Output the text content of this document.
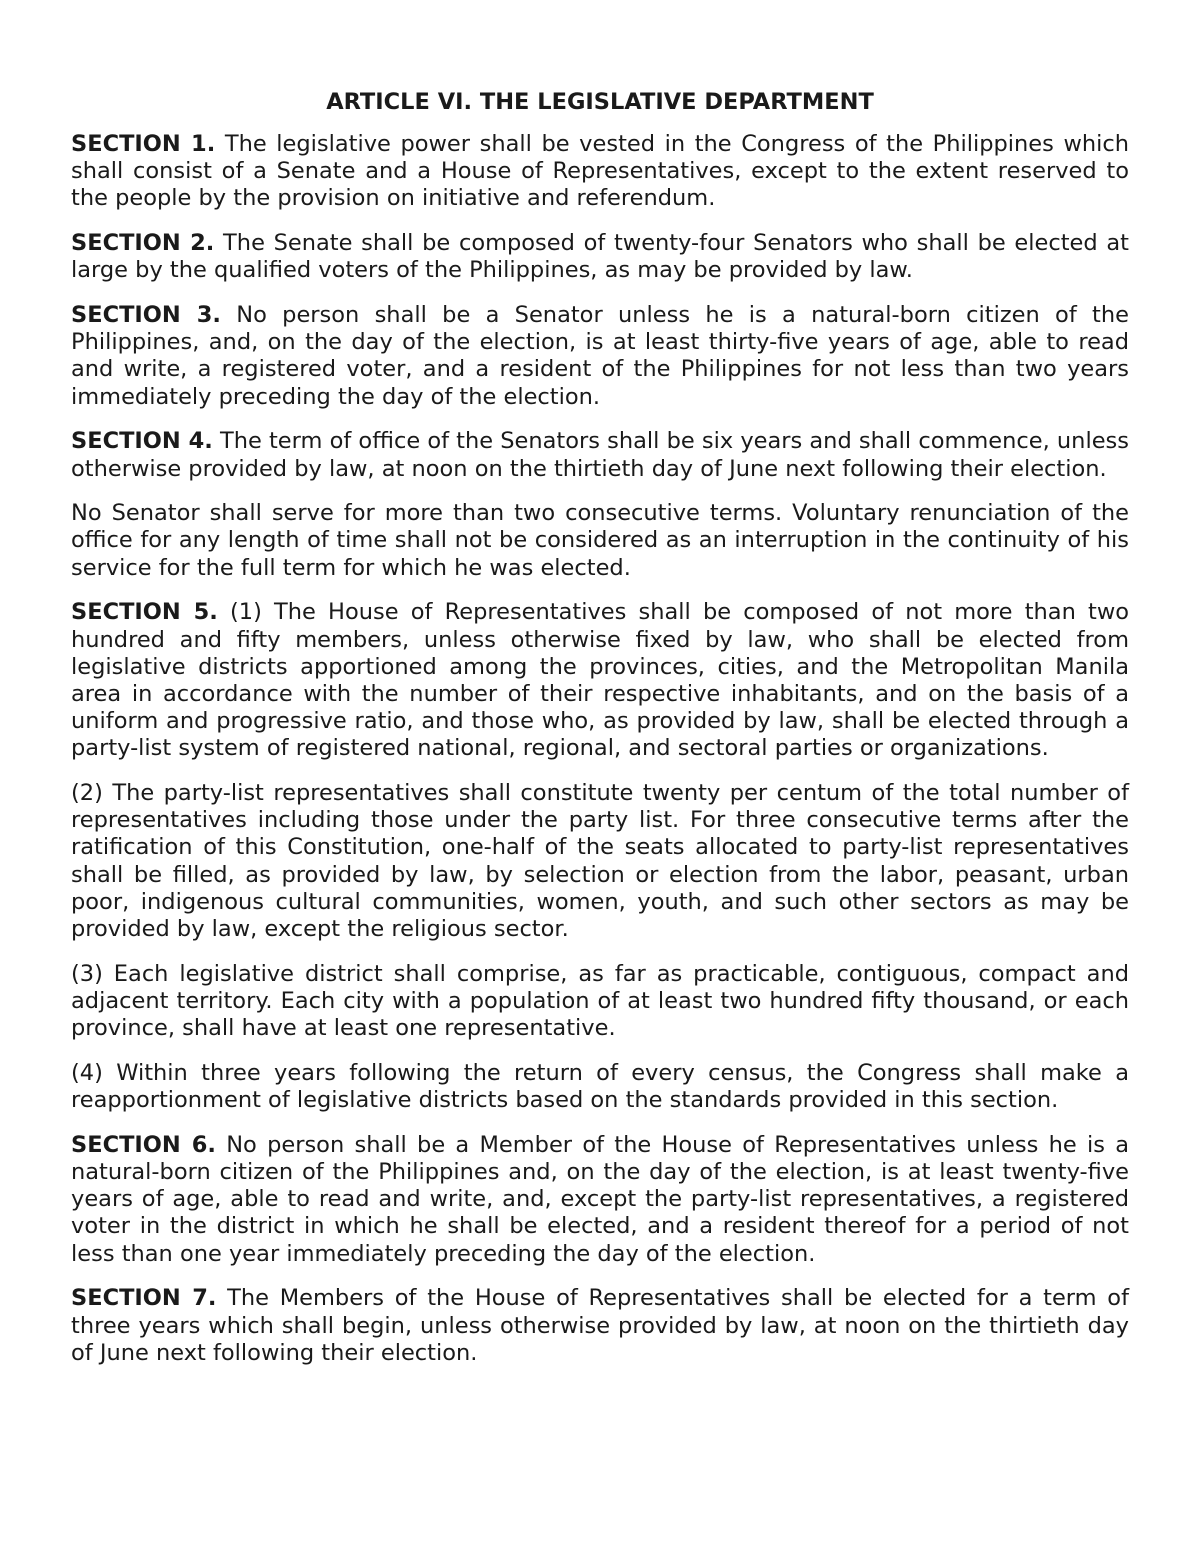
ARTICLE VI. THE LEGISLATIVE DEPARTMENT

SECTION 1. The legislative power shall be vested in the Congress of the Philippines which shall consist of a Senate and a House of Representatives, except to the extent reserved to the people by the provision on initiative and referendum.

SECTION 2. The Senate shall be composed of twenty-four Senators who shall be elected at large by the qualified voters of the Philippines, as may be provided by law.

SECTION 3. No person shall be a Senator unless he is a natural-born citizen of the Philippines, and, on the day of the election, is at least thirty-five years of age, able to read and write, a registered voter, and a resident of the Philippines for not less than two years immediately preceding the day of the election.

SECTION 4. The term of office of the Senators shall be six years and shall commence, unless otherwise provided by law, at noon on the thirtieth day of June next following their election.

No Senator shall serve for more than two consecutive terms. Voluntary renunciation of the office for any length of time shall not be considered as an interruption in the continuity of his service for the full term for which he was elected.

SECTION 5. (1) The House of Representatives shall be composed of not more than two hundred and fifty members, unless otherwise fixed by law, who shall be elected from legislative districts apportioned among the provinces, cities, and the Metropolitan Manila area in accordance with the number of their respective inhabitants, and on the basis of a uniform and progressive ratio, and those who, as provided by law, shall be elected through a party-list system of registered national, regional, and sectoral parties or organizations.

(2) The party-list representatives shall constitute twenty per centum of the total number of representatives including those under the party list. For three consecutive terms after the ratification of this Constitution, one-half of the seats allocated to party-list representatives shall be filled, as provided by law, by selection or election from the labor, peasant, urban poor, indigenous cultural communities, women, youth, and such other sectors as may be provided by law, except the religious sector.

(3) Each legislative district shall comprise, as far as practicable, contiguous, compact and adjacent territory. Each city with a population of at least two hundred fifty thousand, or each province, shall have at least one representative.

(4) Within three years following the return of every census, the Congress shall make a reapportionment of legislative districts based on the standards provided in this section.

SECTION 6. No person shall be a Member of the House of Representatives unless he is a natural-born citizen of the Philippines and, on the day of the election, is at least twenty-five years of age, able to read and write, and, except the party-list representatives, a registered voter in the district in which he shall be elected, and a resident thereof for a period of not less than one year immediately preceding the day of the election.

SECTION 7. The Members of the House of Representatives shall be elected for a term of three years which shall begin, unless otherwise provided by law, at noon on the thirtieth day of June next following their election.
